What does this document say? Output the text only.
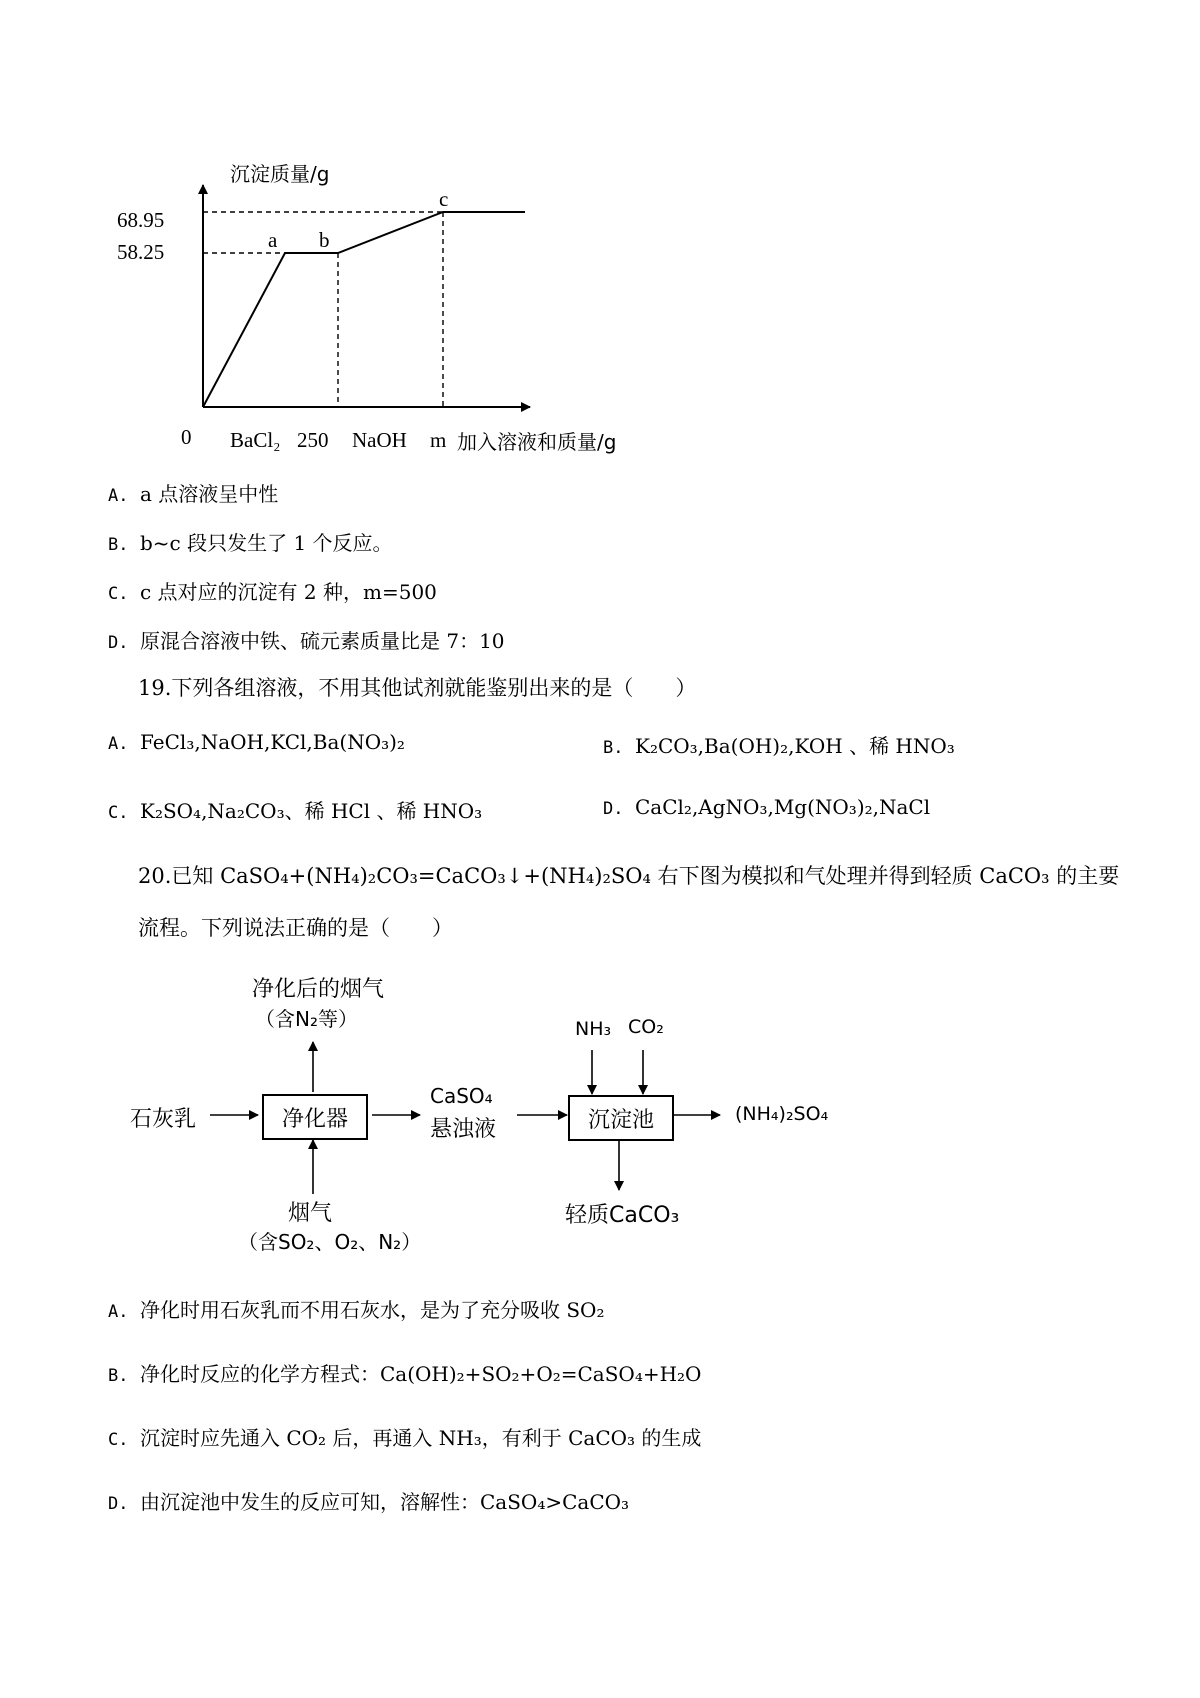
沉淀质量/g
68.95
58.25	a b
c
0 BaCl₂ 250 NaOH m 加入溶液和质量/g
A. a 点溶液呈中性
B. b~c 段只发生了 1 个反应。
C. c 点对应的沉淀有 2 种，m=500
D. 原混合溶液中铁、硫元素质量比是 7：10
19.下列各组溶液，不用其他试剂就能鉴别出来的是（　　）
A. FeCl₃,NaOH,KCl,Ba(NO₃)₂	B. K₂CO₃,Ba(OH)₂,KOH 、稀 HNO₃
C. K₂SO₄,Na₂CO₃、稀 HCl 、稀 HNO₃	D. CaCl₂,AgNO₃,Mg(NO₃)₂,NaCl
20.已知 CaSO₄+(NH₄)₂CO₃=CaCO₃↓+(NH₄)₂SO₄ 右下图为模拟和气处理并得到轻质 CaCO₃ 的主要
流程。下列说法正确的是（　　）
净化后的烟气
（含N₂等）
石灰乳	净化器
CaSO₄
悬浊液
烟气
（含SO₂、O₂、N₂）
NH₃ CO₂
沉淀池	(NH₄)₂SO₄
轻质CaCO₃
A. 净化时用石灰乳而不用石灰水，是为了充分吸收 SO₂
B. 净化时反应的化学方程式：Ca(OH)₂+SO₂+O₂=CaSO₄+H₂O
C. 沉淀时应先通入 CO₂ 后，再通入 NH₃，有利于 CaCO₃ 的生成
D. 由沉淀池中发生的反应可知，溶解性：CaSO₄>CaCO₃
